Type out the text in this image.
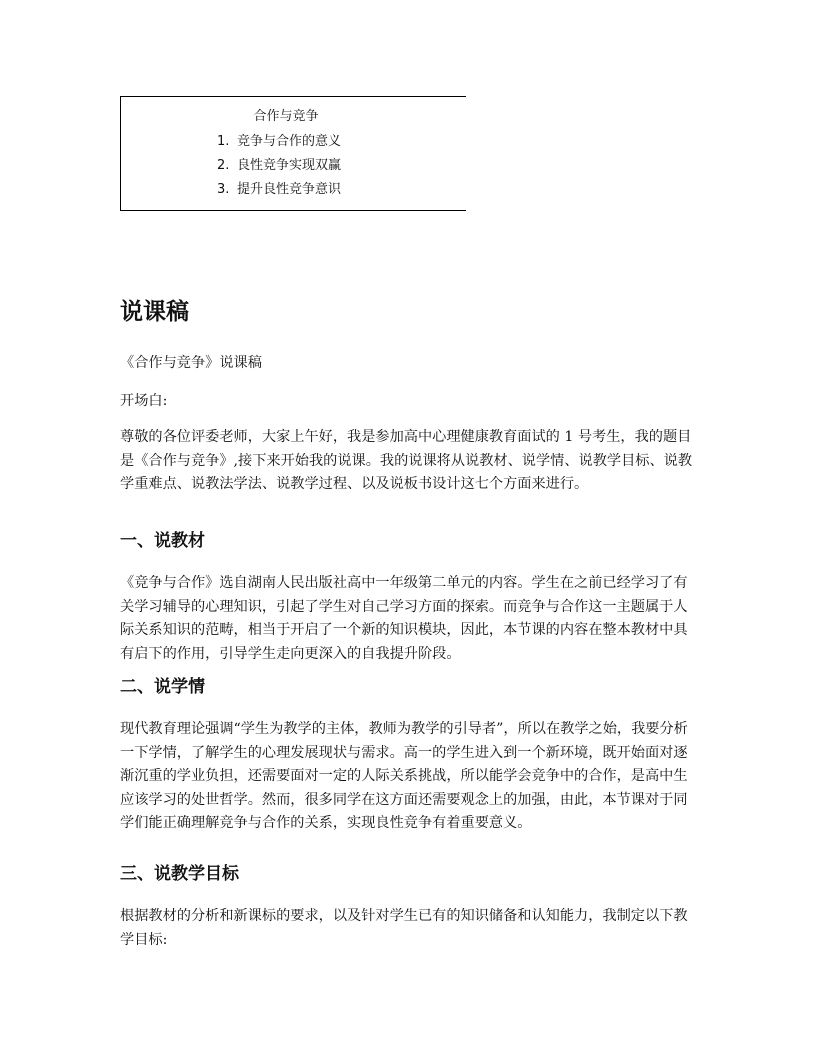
合作与竞争
1. 竞争与合作的意义
2. 良性竞争实现双赢
3. 提升良性竞争意识
说课稿

《合作与竞争》说课稿

开场白:

尊敬的各位评委老师，大家上午好，我是参加高中心理健康教育面试的 1 号考生，我的题目是《合作与竞争》,接下来开始我的说课。我的说课将从说教材、说学情、说教学目标、说教学重难点、说教法学法、说教学过程、以及说板书设计这七个方面来进行。

一、说教材

《竞争与合作》选自湖南人民出版社高中一年级第二单元的内容。学生在之前已经学习了有关学习辅导的心理知识，引起了学生对自己学习方面的探索。而竞争与合作这一主题属于人际关系知识的范畴，相当于开启了一个新的知识模块，因此，本节课的内容在整本教材中具有启下的作用，引导学生走向更深入的自我提升阶段。

二、说学情

现代教育理论强调“学生为教学的主体，教师为教学的引导者”，所以在教学之始，我要分析一下学情，了解学生的心理发展现状与需求。高一的学生进入到一个新环境，既开始面对逐渐沉重的学业负担，还需要面对一定的人际关系挑战，所以能学会竞争中的合作，是高中生应该学习的处世哲学。然而，很多同学在这方面还需要观念上的加强，由此，本节课对于同学们能正确理解竞争与合作的关系，实现良性竞争有着重要意义。

三、说教学目标

根据教材的分析和新课标的要求，以及针对学生已有的知识储备和认知能力，我制定以下教学目标:
